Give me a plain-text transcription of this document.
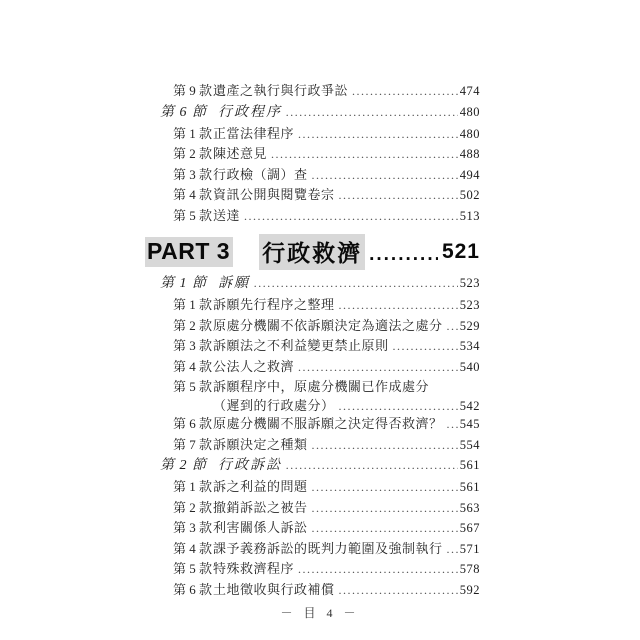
第 9 款 遺產之執行與行政爭訟 .....	474
第 6 節 行政程序 .....	480
第 1 款 正當法律程序 .....	480
第 2 款 陳述意見 .....	488
第 3 款 行政檢（調）查 .....	494
第 4 款 資訊公開與閱覽卷宗 .....	502
第 5 款 送達 .....	513
PART 3 行政救濟 .....	521
第 1 節 訴願 .....	523
第 1 款 訴願先行程序之整理 .....	523
第 2 款 原處分機關不依訴願決定為適法之處分 ..... 529
第 3 款 訴願法之不利益變更禁止原則 .....	534
第 4 款 公法人之救濟 .....	540
第 5 款 訴願程序中，原處分機關已作成處分
（遲到的行政處分） .....	542
第 6 款 原處分機關不服訴願之決定得否救濟？ ..... 545
第 7 款 訴願決定之種類 .....	554
第 2 節 行政訴訟 .....	561
第 1 款 訴之利益的問題 .....	561
第 2 款 撤銷訴訟之被告 .....	563
第 3 款 利害關係人訴訟 .....	567
第 4 款 課予義務訴訟的既判力範圍及強制執行 ..... 571
第 5 款 特殊救濟程序 .....	578
第 6 款 土地徵收與行政補償 .....	592
－ 目 4 －
